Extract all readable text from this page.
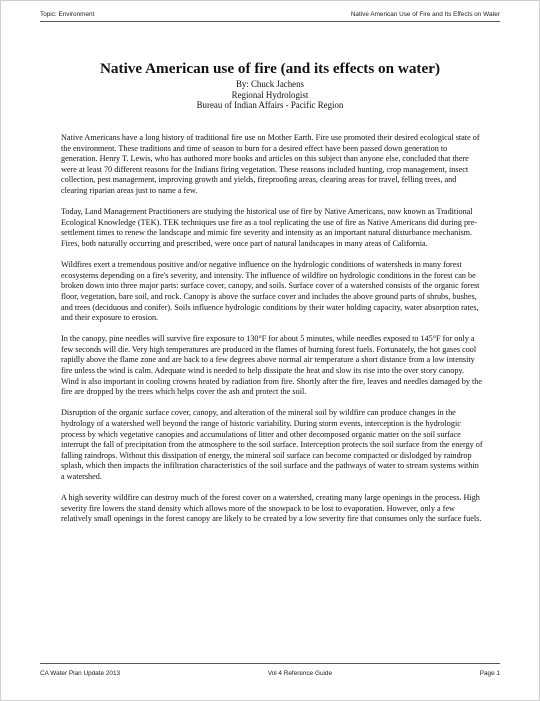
Topic: Environment	Native American Use of Fire and Its Effects on Water
Native American use of fire (and its effects on water)
By: Chuck Jachens
Regional Hydrologist
Bureau of Indian Affairs - Pacific Region

Native Americans have a long history of traditional fire use on Mother Earth. Fire use promoted their desired ecological state of the environment. These traditions and time of season to burn for a desired effect have been passed down generation to generation. Henry T. Lewis, who has authored more books and articles on this subject than anyone else, concluded that there were at least 70 different reasons for the Indians firing vegetation. These reasons included hunting, crop management, insect collection, pest management, improving growth and yields, fireproofing areas, clearing areas for travel, felling trees, and clearing riparian areas just to name a few.

Today, Land Management Practitioners are studying the historical use of fire by Native Americans, now known as Traditional Ecological Knowledge (TEK). TEK techniques use fire as a tool replicating the use of fire as Native Americans did during pre-settlement times to renew the landscape and mimic fire severity and intensity as an important natural disturbance mechanism. Fires, both naturally occurring and prescribed, were once part of natural landscapes in many areas of California.

Wildfires exert a tremendous positive and/or negative influence on the hydrologic conditions of watersheds in many forest ecosystems depending on a fire's severity, and intensity. The influence of wildfire on hydrologic conditions in the forest can be broken down into three major parts: surface cover, canopy, and soils. Surface cover of a watershed consists of the organic forest floor, vegetation, bare soil, and rock. Canopy is above the surface cover and includes the above ground parts of shrubs, bushes, and trees (deciduous and conifer). Soils influence hydrologic conditions by their water holding capacity, water absorption rates, and their exposure to erosion.

In the canopy, pine needles will survive fire exposure to 130°F for about 5 minutes, while needles exposed to 145°F for only a few seconds will die. Very high temperatures are produced in the flames of burning forest fuels. Fortunately, the hot gases cool rapidly above the flame zone and are back to a few degrees above normal air temperature a short distance from a low intensity fire unless the wind is calm. Adequate wind is needed to help dissipate the heat and slow its rise into the over story canopy. Wind is also important in cooling crowns heated by radiation from fire. Shortly after the fire, leaves and needles damaged by the fire are dropped by the trees which helps cover the ash and protect the soil.

Disruption of the organic surface cover, canopy, and alteration of the mineral soil by wildfire can produce changes in the hydrology of a watershed well beyond the range of historic variability. During storm events, interception is the hydrologic process by which vegetative canopies and accumulations of litter and other decomposed organic matter on the soil surface interrupt the fall of precipitation from the atmosphere to the soil surface. Interception protects the soil surface from the energy of falling raindrops. Without this dissipation of energy, the mineral soil surface can become compacted or dislodged by raindrop splash, which then impacts the infiltration characteristics of the soil surface and the pathways of water to stream systems within a watershed.

A high severity wildfire can destroy much of the forest cover on a watershed, creating many large openings in the process. High severity fire lowers the stand density which allows more of the snowpack to be lost to evaporation. However, only a few relatively small openings in the forest canopy are likely to be created by a low severity fire that consumes only the surface fuels.

CA Water Plan Update 2013	Vol 4 Reference Guide	Page 1
